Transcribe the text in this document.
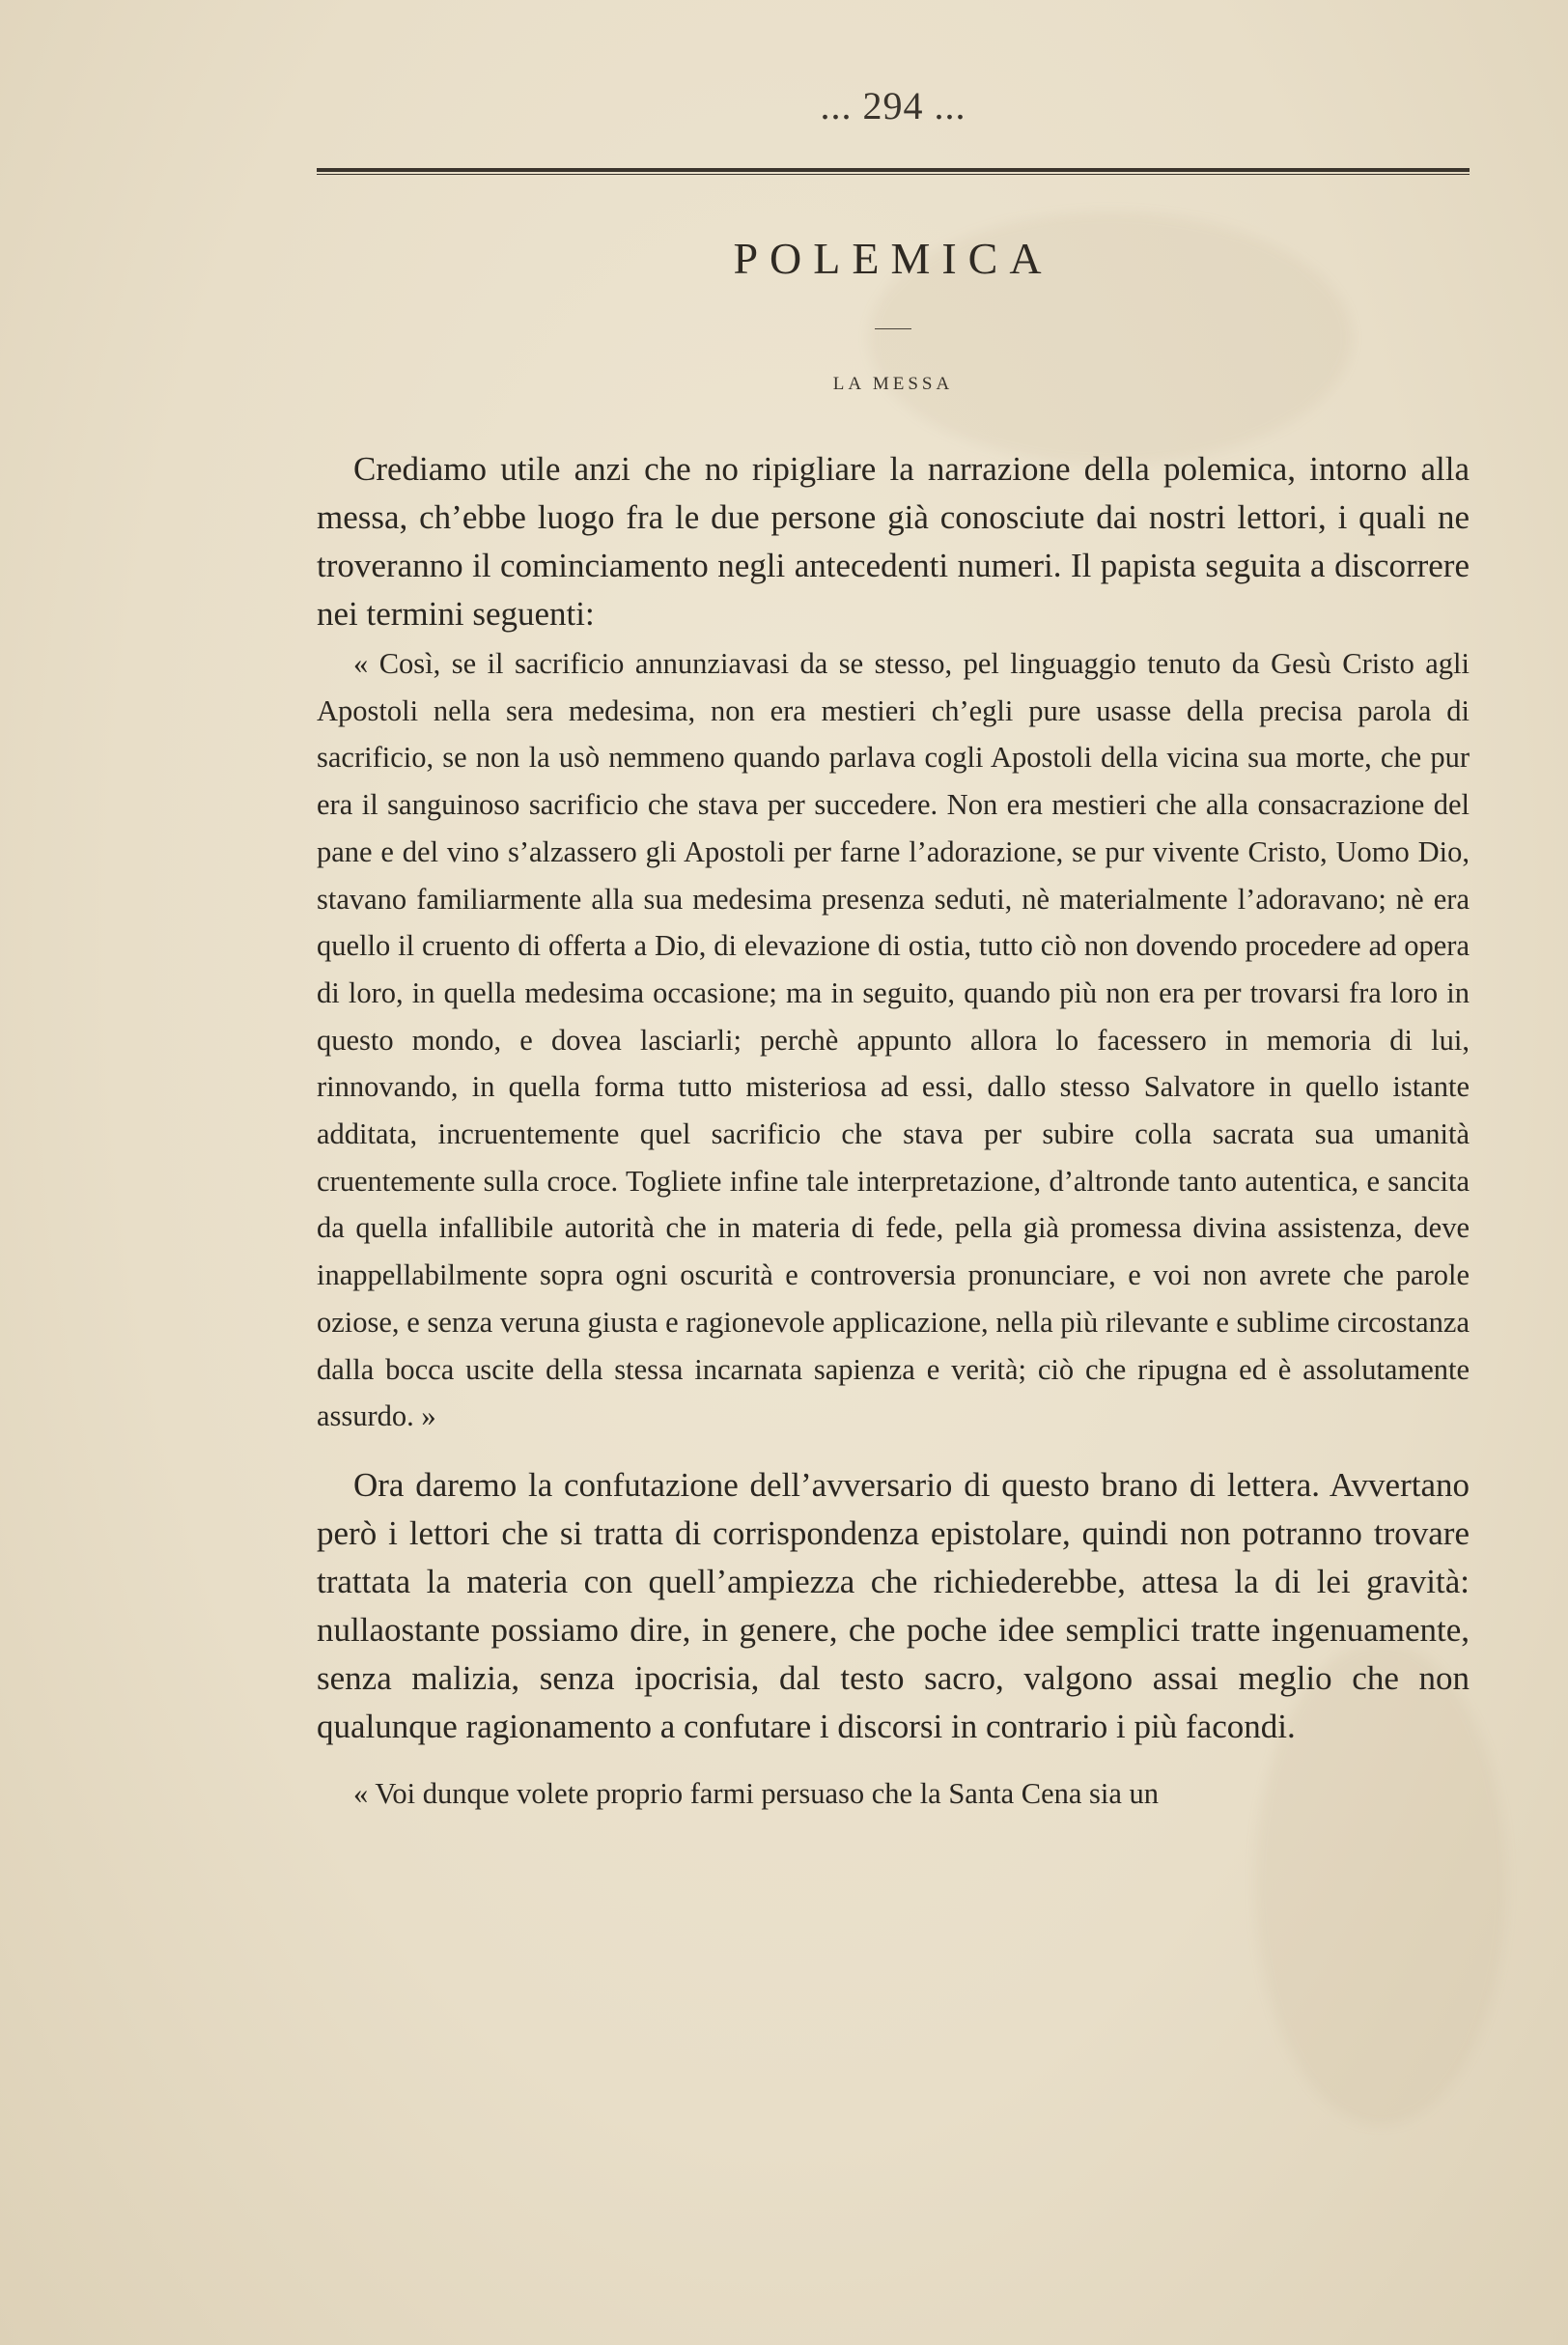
... 294 ...
POLEMICA
LA MESSA

Crediamo utile anzi che no ripigliare la narrazione della polemica, intorno alla messa, ch’ebbe luogo fra le due persone già conosciute dai nostri lettori, i quali ne troveranno il cominciamento negli antecedenti numeri. Il papista seguita a discorrere nei termini seguenti:

« Così, se il sacrificio annunziavasi da se stesso, pel linguaggio tenuto da Gesù Cristo agli Apostoli nella sera medesima, non era mestieri ch’egli pure usasse della precisa parola di sacrificio, se non la usò nemmeno quando parlava cogli Apostoli della vicina sua morte, che pur era il sanguinoso sacrificio che stava per succedere. Non era mestieri che alla consacrazione del pane e del vino s’alzassero gli Apostoli per farne l’adorazione, se pur vivente Cristo, Uomo Dio, stavano familiarmente alla sua medesima presenza seduti, nè materialmente l’adoravano; nè era quello il cruento di offerta a Dio, di elevazione di ostia, tutto ciò non dovendo procedere ad opera di loro, in quella medesima occasione; ma in seguito, quando più non era per trovarsi fra loro in questo mondo, e dovea lasciarli; perchè appunto allora lo facessero in memoria di lui, rinnovando, in quella forma tutto misteriosa ad essi, dallo stesso Salvatore in quello istante additata, incruentemente quel sacrificio che stava per subire colla sacrata sua umanità cruentemente sulla croce. Togliete infine tale interpretazione, d’altronde tanto autentica, e sancita da quella infallibile autorità che in materia di fede, pella già promessa divina assistenza, deve inappellabilmente sopra ogni oscurità e controversia pronunciare, e voi non avrete che parole oziose, e senza veruna giusta e ragionevole applicazione, nella più rilevante e sublime circostanza dalla bocca uscite della stessa incarnata sapienza e verità; ciò che ripugna ed è assolutamente assurdo. »

Ora daremo la confutazione dell’avversario di questo brano di lettera. Avvertano però i lettori che si tratta di corrispondenza epistolare, quindi non potranno trovare trattata la materia con quell’ampiezza che richiederebbe, attesa la di lei gravità: nullaostante possiamo dire, in genere, che poche idee semplici tratte ingenuamente, senza malizia, senza ipocrisia, dal testo sacro, valgono assai meglio che non qualunque ragionamento a confutare i discorsi in contrario i più facondi.

« Voi dunque volete proprio farmi persuaso che la Santa Cena sia un
